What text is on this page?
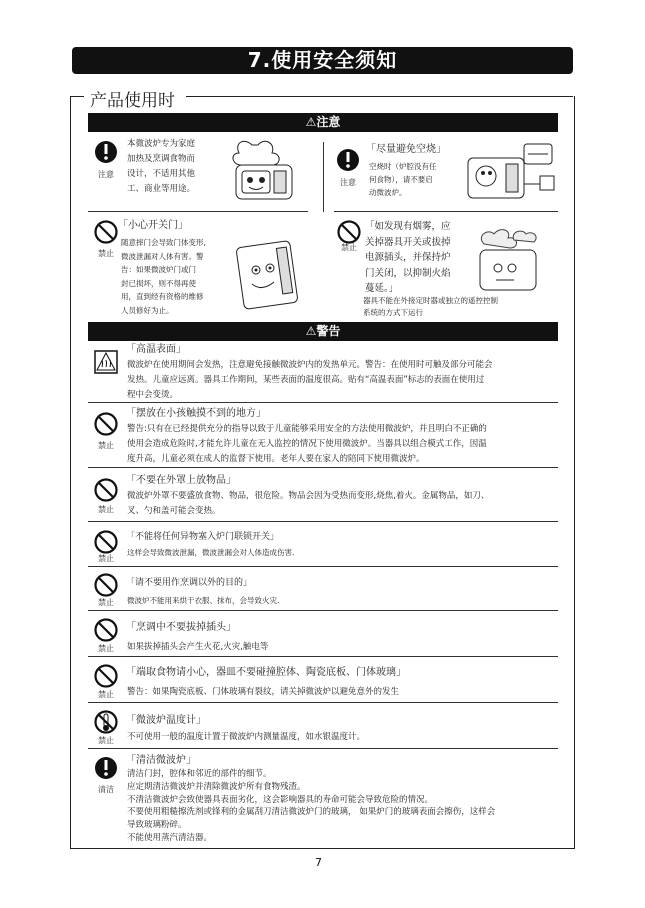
7.使用安全须知
产品使用时
⚠注意
注意
本微波炉专为家庭
加热及烹调食物而
设计，不适用其他
工、商业等用途。
注意
「尽量避免空烧」
空烧时（炉腔没有任
何食物），请不要启
动微波炉。
禁止
「小心开关门」
随意摔门会导致门体变形,
微波泄漏对人体有害。警
告：如果微波炉门或门
封已损坏，则不得再使
用，直到经有资格的维修
人员修好为止。
禁止
「如发现有烟雾，应
关掉器具开关或拔掉
电源插头，并保持炉
门关闭，以抑制火焰
蔓延。」
器具不能在外接定时器或独立的遥控控制
系统的方式下运行
⚠警告
「高温表面」
微波炉在使用期间会发热，注意避免接触微波炉内的发热单元。警告：在使用时可触及部分可能会
发热。儿童应远离。器具工作期间，某些表面的温度很高。贴有“高温表面”标志的表面在使用过
程中会变烫。
禁止
「摆放在小孩触摸不到的地方」
警告:只有在已经提供充分的指导以致于儿童能够采用安全的方法使用微波炉，并且明白不正确的
使用会造成危险时,才能允许儿童在无人监控的情况下使用微波炉。当器具以组合模式工作，因温
度升高，儿童必须在成人的监督下使用。老年人要在家人的陪同下使用微波炉。
禁止
「不要在外罩上放物品」
微波炉外罩不要盛放食物、物品，很危险。物品会因为受热而变形,烧焦,着火。金属物品，如刀、
叉、勺和盖可能会变热。
禁止
「不能将任何异物塞入炉门联锁开关」
这样会导致微波泄漏，微波泄漏会对人体造成伤害.
禁止
「请不要用作烹调以外的目的」
微波炉不能用来烘干衣服、抹布，会导致火灾.
禁止
「烹调中不要拔掉插头」
如果拔掉插头会产生火花,火灾,触电等
禁止
「端取食物请小心，器皿不要碰撞腔体、陶瓷底板、门体玻璃」
警告：如果陶瓷底板、门体玻璃有裂纹，请关掉微波炉以避免意外的发生
禁止
「微波炉温度计」
不可使用一般的温度计置于微波炉内测量温度，如水银温度计。
清洁
「清洁微波炉」
清洁门封，腔体和邻近的部件的细节。
应定期清洁微波炉并清除微波炉所有食物残渣。
不清洁微波炉会致使器具表面劣化，这会影响器具的寿命可能会导致危险的情况。
不要使用粗糙擦洗剂或锋利的金属刮刀清洁微波炉门的玻璃， 如果炉门的玻璃表面会擦伤，这样会
导致玻璃粉碎。
不能使用蒸汽清洁器。
7
